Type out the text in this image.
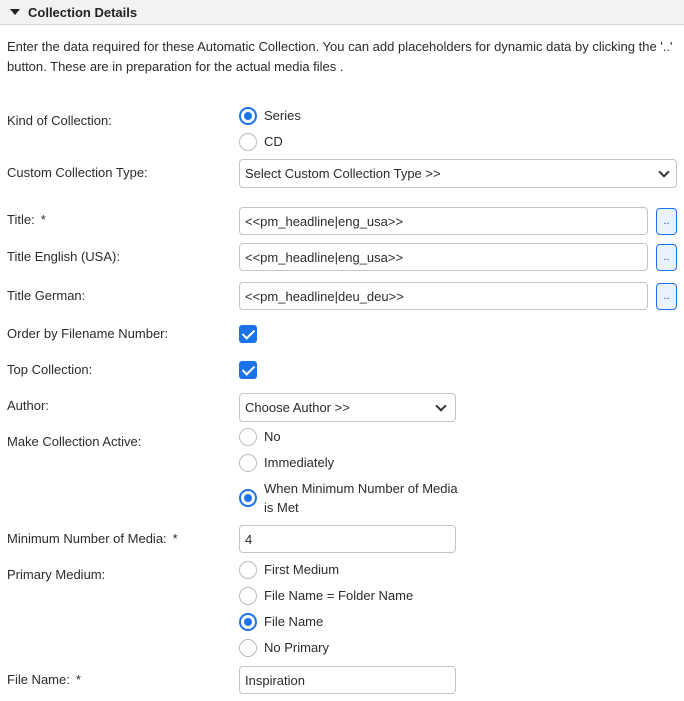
Collection Details
Enter the data required for these Automatic Collection. You can add placeholders for dynamic data by clicking the '..' button. These are in preparation for the actual media files .
Kind of Collection:	Series
CD
Custom Collection Type:	Select Custom Collection Type >>
Title: *	<<pm_headline|eng_usa>>	..
Title English (USA):	<<pm_headline|eng_usa>>	..
Title German:	<<pm_headline|deu_deu>>	..
Order by Filename Number:
Top Collection:
Author:	Choose Author >>
Make Collection Active:	No
Immediately
When Minimum Number of Media
is Met
Minimum Number of Media: *	4
Primary Medium:	First Medium
File Name = Folder Name
File Name
No Primary
File Name: *	Inspiration
